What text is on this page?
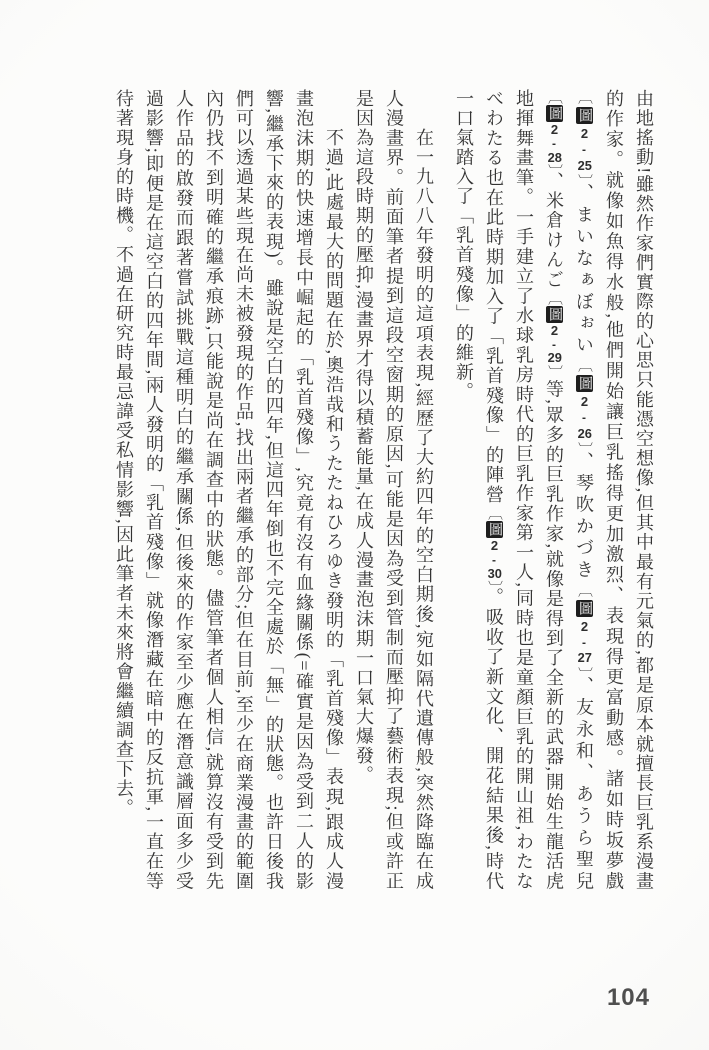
由地搖動!雖然作家們實際的心思只能憑空想像,但其中最有元氣的,都是原本就擅長巨乳系漫畫的作家。就像如魚得水般,他們開始讓巨乳搖得更加激烈、表現得更富動感。諸如時坂夢戲〔圖2-25〕、まいなぁぼぉい〔圖2-26〕、琴吹かづき〔圖2-27〕、友永和、あうら聖兒〔圖2-28〕、米倉けんご〔圖2-29〕等,眾多的巨乳作家,就像是得到了全新的武器,開始生龍活虎地揮舞畫筆。一手建立了水球乳房時代的巨乳作家第一人,同時也是童顏巨乳的開山祖,わたなべわたる也在此時期加入了「乳首殘像」的陣營〔圖2-30〕。吸收了新文化、開花結果後,時代一口氣踏入了「乳首殘像」的維新。

在一九八八年發明的這項表現,經歷了大約四年的空白期後,宛如隔代遺傳般,突然降臨在成人漫畫界。前面筆者提到這段空窗期的原因,可能是因為受到管制而壓抑了藝術表現;但或許正是因為這段時期的壓抑,漫畫界才得以積蓄能量,在成人漫畫泡沫期一口氣大爆發。

不過,此處最大的問題在於,奧浩哉和うたたねひろゆき發明的「乳首殘像」表現,跟成人漫畫泡沫期的快速增長中崛起的「乳首殘像」,究竟有沒有血緣關係(=確實是因為受到二人的影響,繼承下來的表現)。雖說是空白的四年,但這四年倒也不完全處於「無」的狀態。也許日後我們可以透過某些現在尚未被發現的作品,找出兩者繼承的部分;但在目前,至少在商業漫畫的範圍內仍找不到明確的繼承痕跡,只能說是尚在調查中的狀態。儘管筆者個人相信,就算沒有受到先人作品的啟發而跟著嘗試挑戰這種明白的繼承關係,但後來的作家至少應在潛意識層面多少受過影響;即便是在這空白的四年間,兩人發明的「乳首殘像」就像潛藏在暗中的反抗軍,一直在等待著現身的時機。不過在研究時最忌諱受私情影響,因此筆者未來將會繼續調查下去。

104
